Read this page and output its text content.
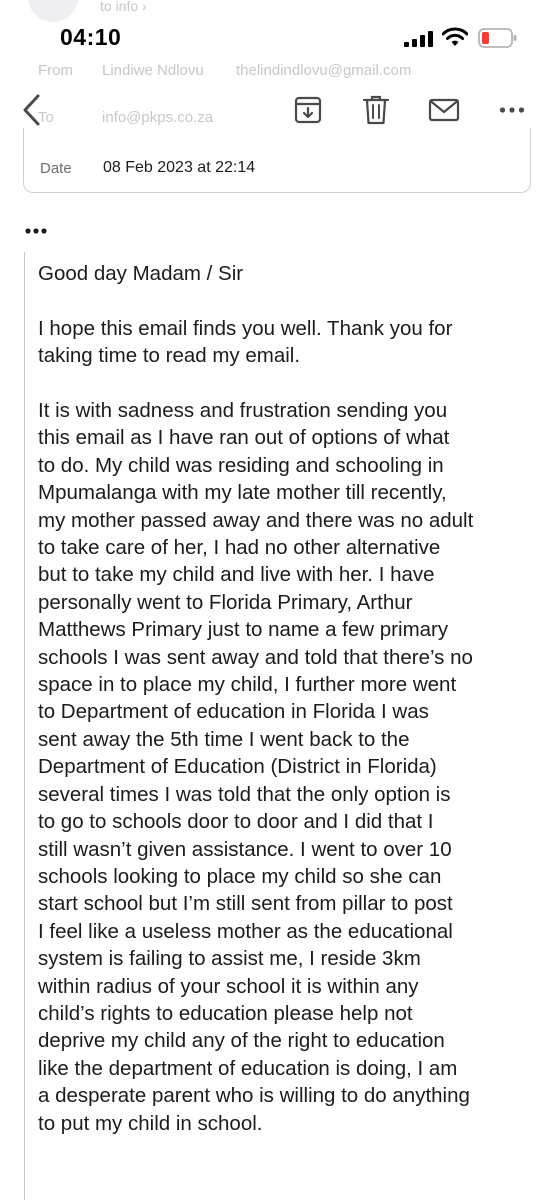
to info ›
From Lindiwe Ndlovu thelindindlovu@gmail.com
To	info@pkps.co.za
04:10
Date 08 Feb 2023 at 22:14

Good day Madam / Sir

I hope this email finds you well. Thank you for
taking time to read my email.

It is with sadness and frustration sending you
this email as I have ran out of options of what
to do. My child was residing and schooling in
Mpumalanga with my late mother till recently,
my mother passed away and there was no adult
to take care of her, I had no other alternative
but to take my child and live with her. I have
personally went to Florida Primary, Arthur
Matthews Primary just to name a few primary
schools I was sent away and told that there’s no
space in to place my child, I further more went
to Department of education in Florida I was
sent away the 5th time I went back to the
Department of Education (District in Florida)
several times I was told that the only option is
to go to schools door to door and I did that I
still wasn’t given assistance. I went to over 10
schools looking to place my child so she can
start school but I’m still sent from pillar to post
I feel like a useless mother as the educational
system is failing to assist me, I reside 3km
within radius of your school it is within any
child’s rights to education please help not
deprive my child any of the right to education
like the department of education is doing, I am
a desperate parent who is willing to do anything
to put my child in school.
